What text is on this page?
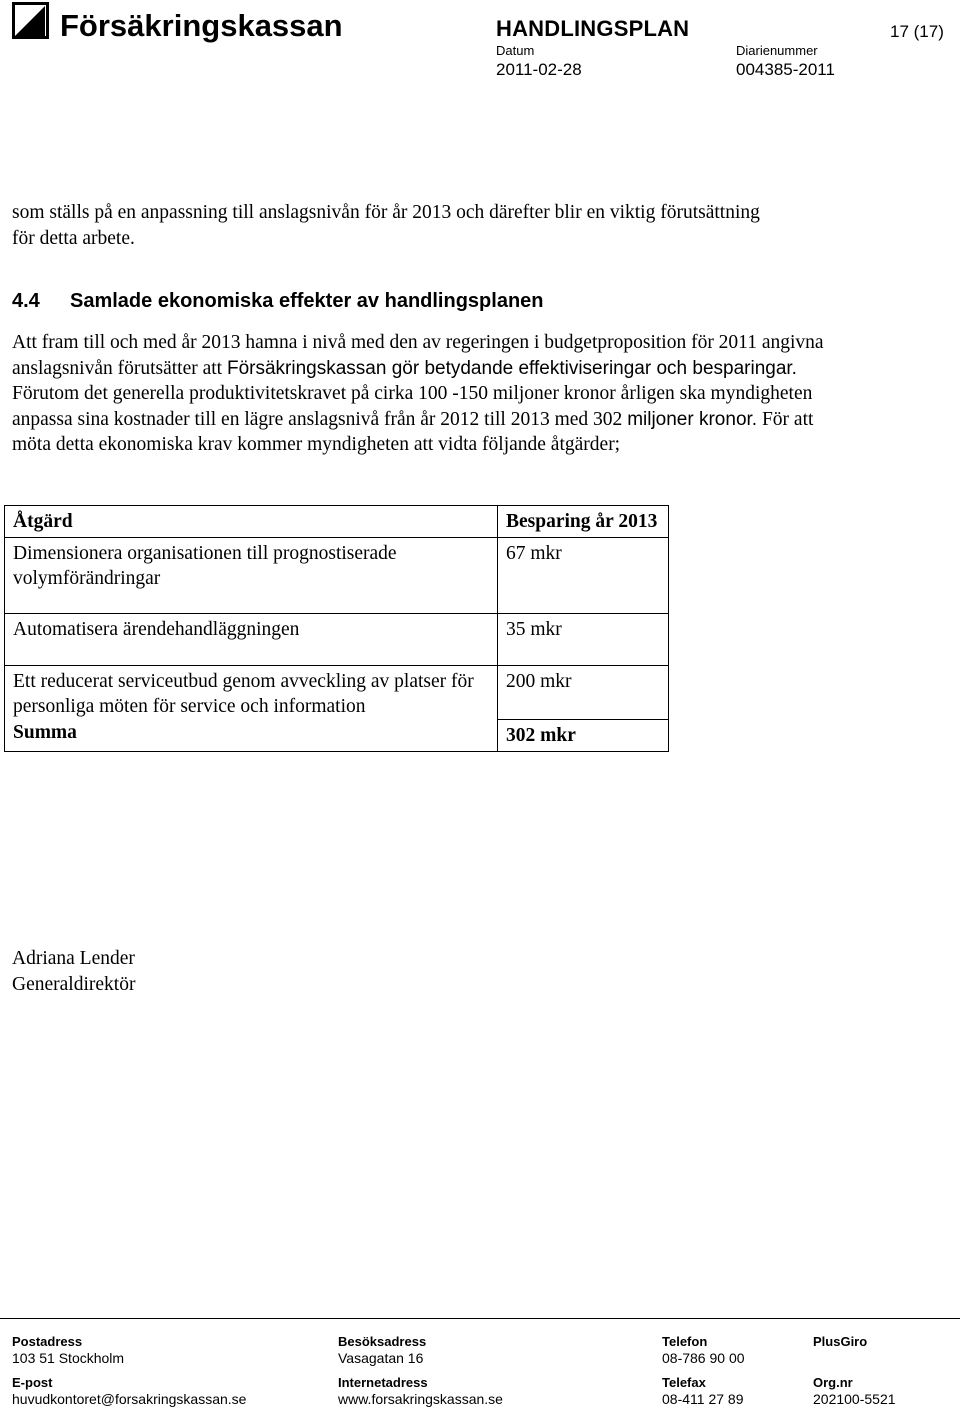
Försäkringskassan	HANDLINGSPLAN	17 (17)
Datum
2011-02-28
Diarienummer
004385-2011

som ställs på en anpassning till anslagsnivån för år 2013 och därefter blir en viktig förutsättning för detta arbete.

4.4 Samlade ekonomiska effekter av handlingsplanen

Att fram till och med år 2013 hamna i nivå med den av regeringen i budgetproposition för 2011 angivna anslagsnivån förutsätter att Försäkringskassan gör betydande effektiviseringar och besparingar. Förutom det generella produktivitetskravet på cirka 100 -150 miljoner kronor årligen ska myndigheten anpassa sina kostnader till en lägre anslagsnivå från år 2012 till 2013 med 302 miljoner kronor. För att möta detta ekonomiska krav kommer myndigheten att vidta följande åtgärder;

Åtgärd	Besparing år 2013
Dimensionera organisationen till prognostiserade volymförändringar	67 mkr
Automatisera ärendehandläggningen	35 mkr
Ett reducerat serviceutbud genom avveckling av platser för personliga möten för service och information	200 mkr
Summa	302 mkr
Adriana Lender
Generaldirektör
Postadress
103 51 Stockholm
Besöksadress
Vasagatan 16
Telefon
08-786 90 00
PlusGiro
E-post
huvudkontoret@forsakringskassan.se
Internetadress
www.forsakringskassan.se
Telefax
08-411 27 89
Org.nr
202100-5521
